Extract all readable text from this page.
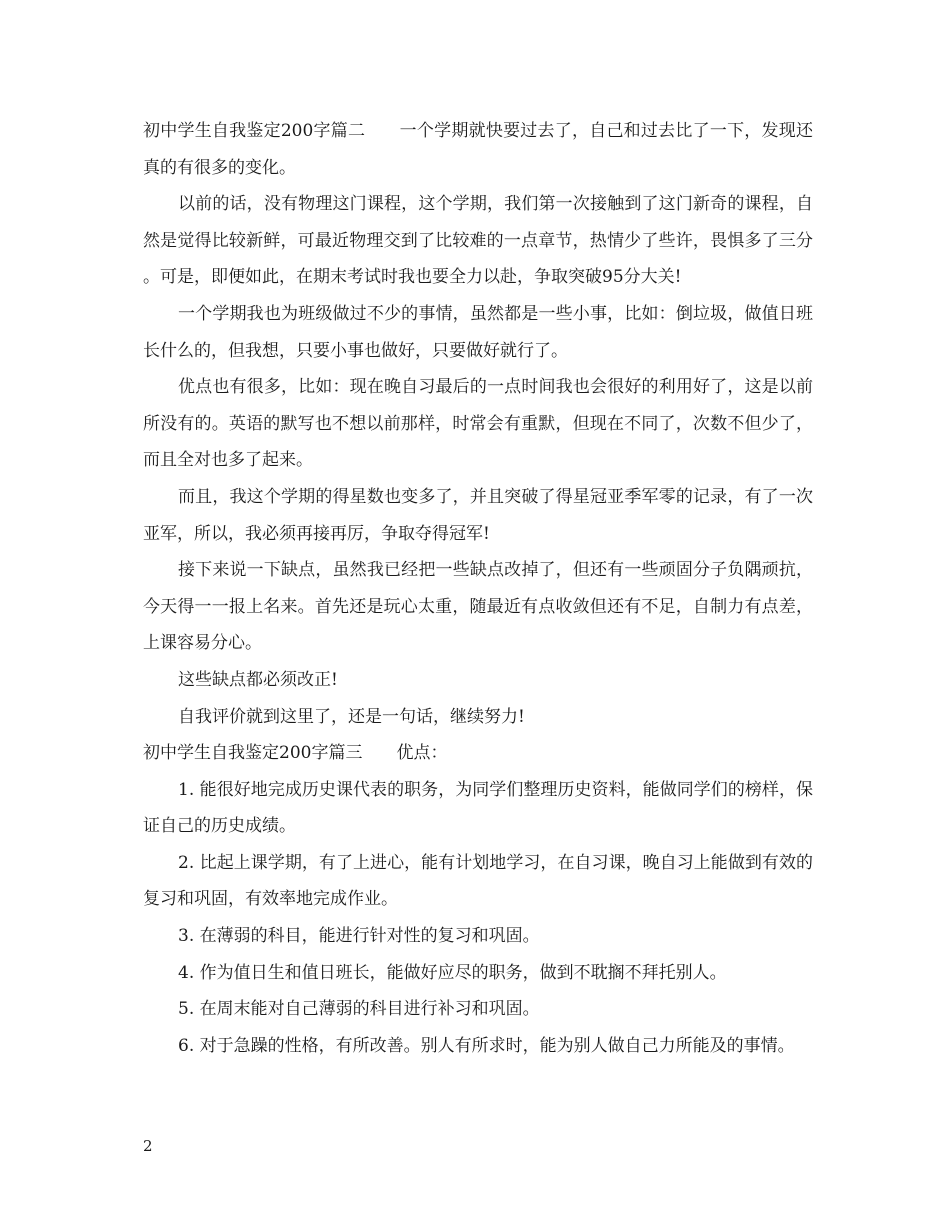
初中学生自我鉴定200字篇二　　一个学期就快要过去了，自己和过去比了一下，发现还真的有很多的变化。

以前的话，没有物理这门课程，这个学期，我们第一次接触到了这门新奇的课程，自然是觉得比较新鲜，可最近物理交到了比较难的一点章节，热情少了些许，畏惧多了三分。可是，即便如此，在期末考试时我也要全力以赴，争取突破95分大关!

一个学期我也为班级做过不少的事情，虽然都是一些小事，比如：倒垃圾，做值日班长什么的，但我想，只要小事也做好，只要做好就行了。

优点也有很多，比如：现在晚自习最后的一点时间我也会很好的利用好了，这是以前所没有的。英语的默写也不想以前那样，时常会有重默，但现在不同了，次数不但少了，而且全对也多了起来。

而且，我这个学期的得星数也变多了，并且突破了得星冠亚季军零的记录，有了一次亚军，所以，我必须再接再厉，争取夺得冠军!

接下来说一下缺点，虽然我已经把一些缺点改掉了，但还有一些顽固分子负隅顽抗，今天得一一报上名来。首先还是玩心太重，随最近有点收敛但还有不足，自制力有点差，上课容易分心。

这些缺点都必须改正!

自我评价就到这里了，还是一句话，继续努力!

初中学生自我鉴定200字篇三　　优点：

1. 能很好地完成历史课代表的职务，为同学们整理历史资料，能做同学们的榜样，保证自己的历史成绩。

2. 比起上课学期，有了上进心，能有计划地学习，在自习课，晚自习上能做到有效的复习和巩固，有效率地完成作业。

3. 在薄弱的科目，能进行针对性的复习和巩固。

4. 作为值日生和值日班长，能做好应尽的职务，做到不耽搁不拜托别人。

5. 在周末能对自己薄弱的科目进行补习和巩固。

6. 对于急躁的性格，有所改善。别人有所求时，能为别人做自己力所能及的事情。

2
